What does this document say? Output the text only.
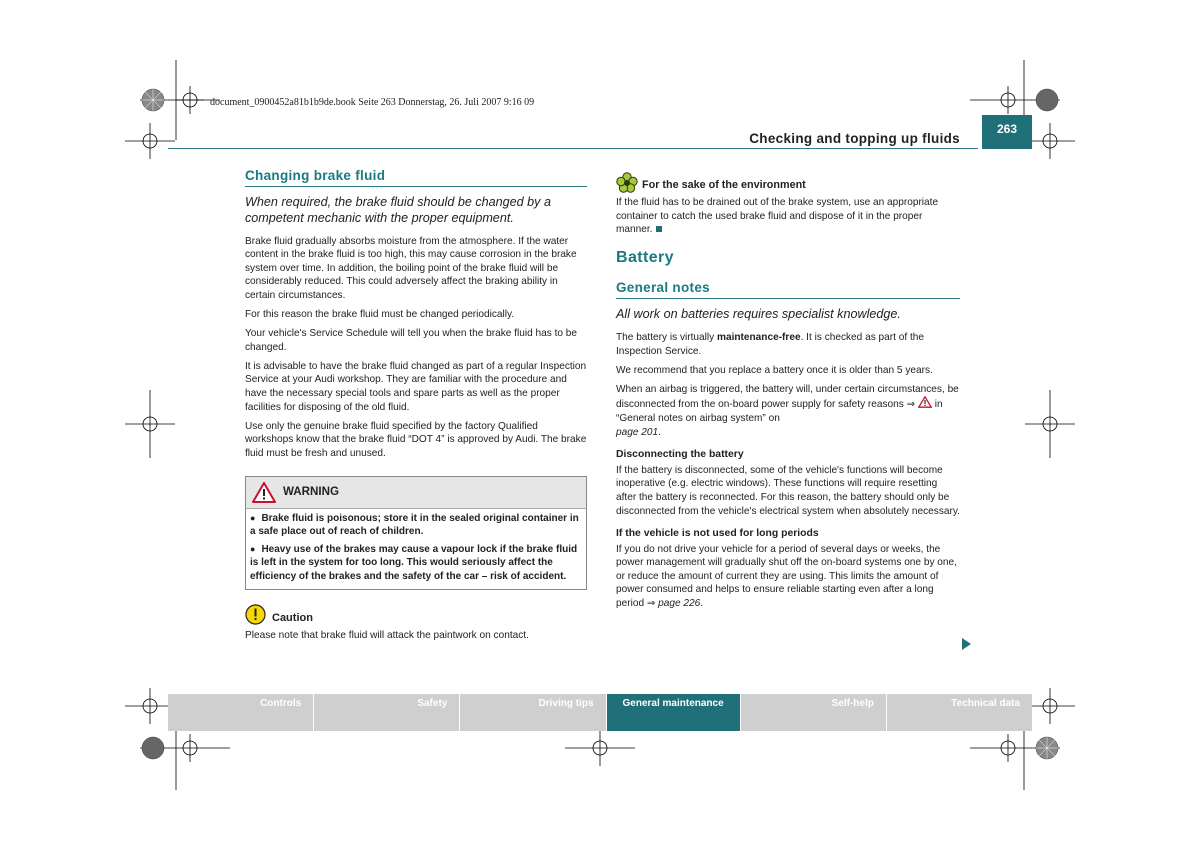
document_0900452a81b1b9de.book Seite 263 Donnerstag, 26. Juli 2007 9:16 09
Checking and topping up fluids
263
Changing brake fluid
When required, the brake fluid should be changed by a competent mechanic with the proper equipment.

Brake fluid gradually absorbs moisture from the atmosphere. If the water content in the brake fluid is too high, this may cause corrosion in the brake system over time. In addition, the boiling point of the brake fluid will be considerably reduced. This could adversely affect the braking ability in certain circumstances.

For this reason the brake fluid must be changed periodically.

Your vehicle's Service Schedule will tell you when the brake fluid has to be changed.

It is advisable to have the brake fluid changed as part of a regular Inspection Service at your Audi workshop. They are familiar with the procedure and have the necessary special tools and spare parts as well as the proper facilities for disposing of the old fluid.

Use only the genuine brake fluid specified by the factory Qualified workshops know that the brake fluid “DOT 4” is approved by Audi. The brake fluid must be fresh and unused.

WARNING
● Brake fluid is poisonous; store it in the sealed original container in a safe place out of reach of children.
● Heavy use of the brakes may cause a vapour lock if the brake fluid is left in the system for too long. This would seriously affect the efficiency of the brakes and the safety of the car – risk of accident.
Caution

Please note that brake fluid will attack the paintwork on contact.

For the sake of the environment

If the fluid has to be drained out of the brake system, use an appropriate container to catch the used brake fluid and dispose of it in the proper manner.

Battery
General notes
All work on batteries requires specialist knowledge.

The battery is virtually maintenance-free. It is checked as part of the Inspection Service.

We recommend that you replace a battery once it is older than 5 years.

When an airbag is triggered, the battery will, under certain circumstances, be disconnected from the on-board power supply for safety reasons ⇒  in “General notes on airbag system” on
page 201.

Disconnecting the battery

If the battery is disconnected, some of the vehicle's functions will become inoperative (e.g. electric windows). These functions will require resetting after the battery is reconnected. For this reason, the battery should only be disconnected from the vehicle's electrical system when absolutely necessary.

If the vehicle is not used for long periods

If you do not drive your vehicle for a period of several days or weeks, the power management will gradually shut off the on-board systems one by one, or reduce the amount of current they are using. This limits the amount of power consumed and helps to ensure reliable starting even after a long period ⇒ page 226.

Controls	Safety	Driving tips	General maintenance	Self-help	Technical data
